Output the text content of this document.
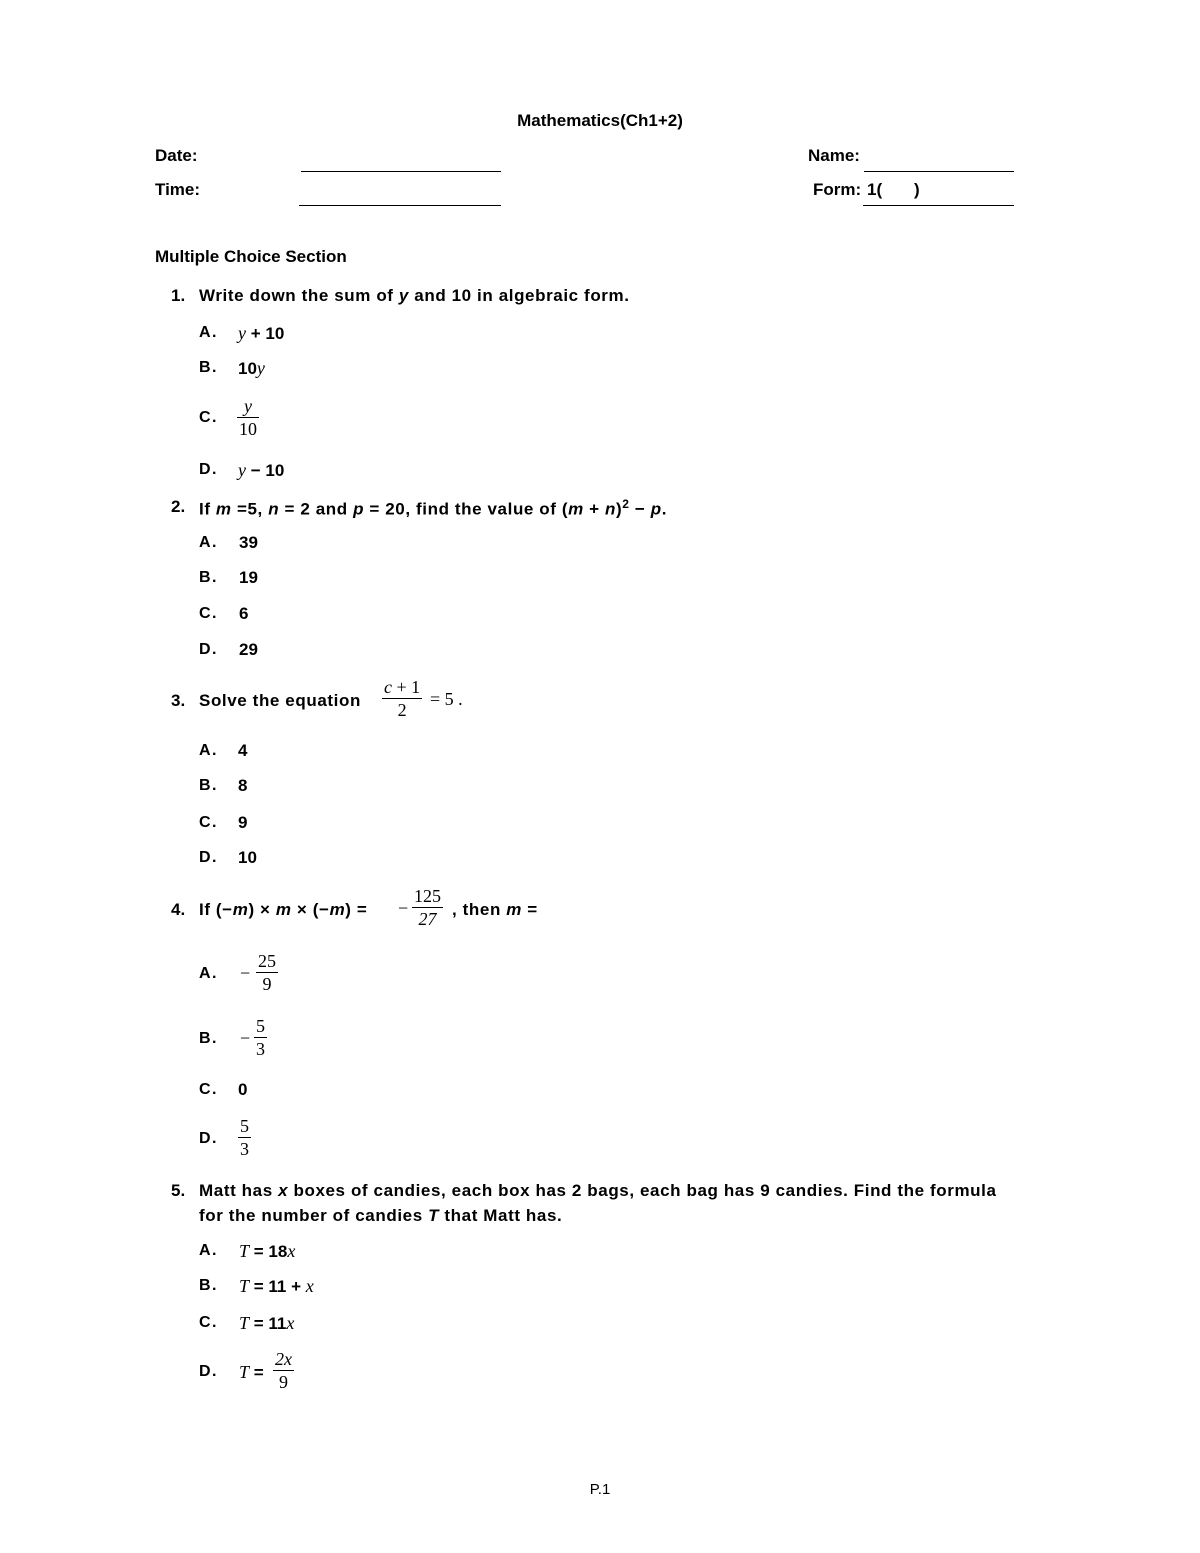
Mathematics(Ch1+2)
Date:
Time:
Name:
Form: 1( )
Multiple Choice Section
1. Write down the sum of y and 10 in algebraic form.
A. y + 10
B. 10y
C. $\frac{y}{10}$
D. y − 10
2. If m =5, n = 2 and p = 20, find the value of $(m + n)^2 - p$.
A. 39
B. 19
C. 6
D. 29
3. Solve the equation $\frac{c + 1}{2} = 5$ .
A. 4
B. 8
C. 9
D. 10
4. If (−m) × m × (−m) = − $\frac{125}{27}$ , then m =
A. − $\frac{25}{9}$
B. − $\frac{5}{3}$
C. 0
D. $\frac{5}{3}$
5. Matt has x boxes of candies, each box has 2 bags, each bag has 9 candies. Find the formula
for the number of candies T that Matt has.
A. T = 18x
B. T = 11 + x
C. T = 11x
D. $T = \frac{2x}{9}$
P.1
